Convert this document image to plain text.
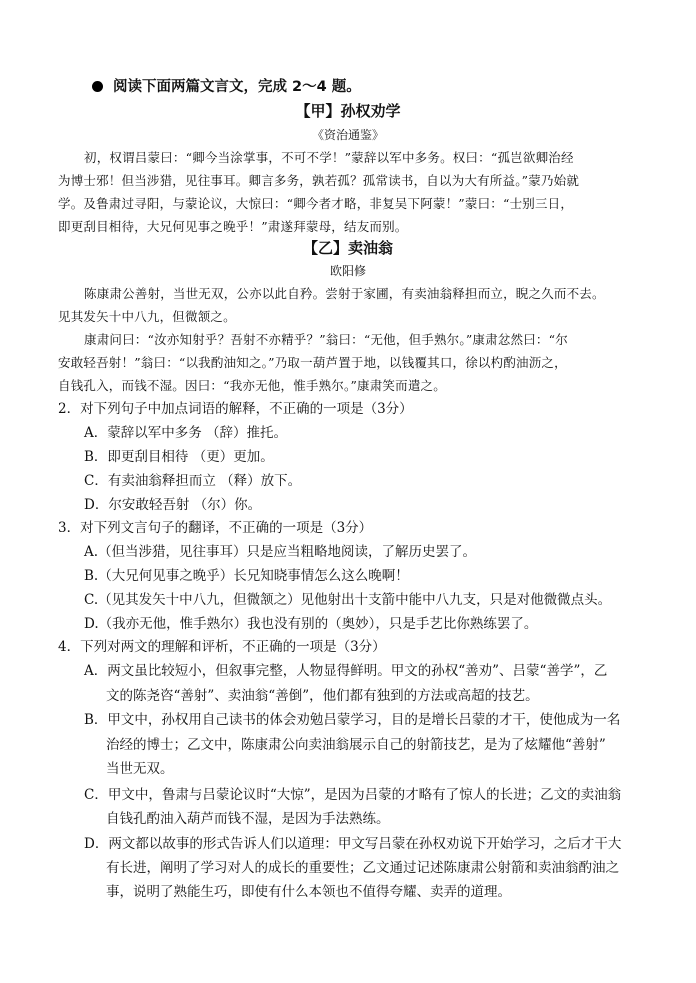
阅读下面两篇文言文，完成 2～4 题。
【甲】孙权劝学
《资治通鉴》
初，权谓吕蒙曰：“卿今当涂掌事，不可不学！”蒙辞以军中多务。权曰：“孤岂欲卿治经
为博士邪！但当涉猎，见往事耳。卿言多务，孰若孤？孤常读书，自以为大有所益。”蒙乃始就
学。及鲁肃过寻阳，与蒙论议，大惊曰：“卿今者才略，非复吴下阿蒙！”蒙曰：“士别三日，
即更刮目相待，大兄何见事之晚乎！”肃遂拜蒙母，结友而别。
【乙】卖油翁
欧阳修
陈康肃公善射，当世无双，公亦以此自矜。尝射于家圃，有卖油翁释担而立，睨之久而不去。
见其发矢十中八九，但微颔之。
康肃问曰：“汝亦知射乎？吾射不亦精乎？”翁曰：“无他，但手熟尔。”康肃忿然曰：“尔
安敢轻吾射！”翁曰：“以我酌油知之。”乃取一葫芦置于地，以钱覆其口，徐以杓酌油沥之，
自钱孔入，而钱不湿。因曰：“我亦无他，惟手熟尔。”康肃笑而遣之。
2．对下列句子中加点词语的解释，不正确的一项是（3分）
A．蒙辞以军中多务 （辞）推托。
B．即更刮目相待 （更）更加。
C．有卖油翁释担而立 （释）放下。
D．尔安敢轻吾射 （尔）你。
3．对下列文言句子的翻译，不正确的一项是（3分）
A.（但当涉猎，见往事耳）只是应当粗略地阅读，了解历史罢了。
B.（大兄何见事之晚乎）长兄知晓事情怎么这么晚啊！
C.（见其发矢十中八九，但微颔之）见他射出十支箭中能中八九支，只是对他微微点头。
D.（我亦无他，惟手熟尔）我也没有别的（奥妙），只是手艺比你熟练罢了。
4．下列对两文的理解和评析，不正确的一项是（3分）
A．两文虽比较短小，但叙事完整，人物显得鲜明。甲文的孙权“善劝”、吕蒙“善学”，乙
文的陈尧咨“善射”、卖油翁“善倒”，他们都有独到的方法或高超的技艺。
B．甲文中，孙权用自己读书的体会劝勉吕蒙学习，目的是增长吕蒙的才干，使他成为一名
治经的博士；乙文中，陈康肃公向卖油翁展示自己的射箭技艺，是为了炫耀他“善射”
当世无双。
C．甲文中，鲁肃与吕蒙论议时“大惊”，是因为吕蒙的才略有了惊人的长进；乙文的卖油翁
自钱孔酌油入葫芦而钱不湿，是因为手法熟练。
D．两文都以故事的形式告诉人们以道理：甲文写吕蒙在孙权劝说下开始学习，之后才干大
有长进，阐明了学习对人的成长的重要性；乙文通过记述陈康肃公射箭和卖油翁酌油之
事，说明了熟能生巧，即使有什么本领也不值得夸耀、卖弄的道理。
